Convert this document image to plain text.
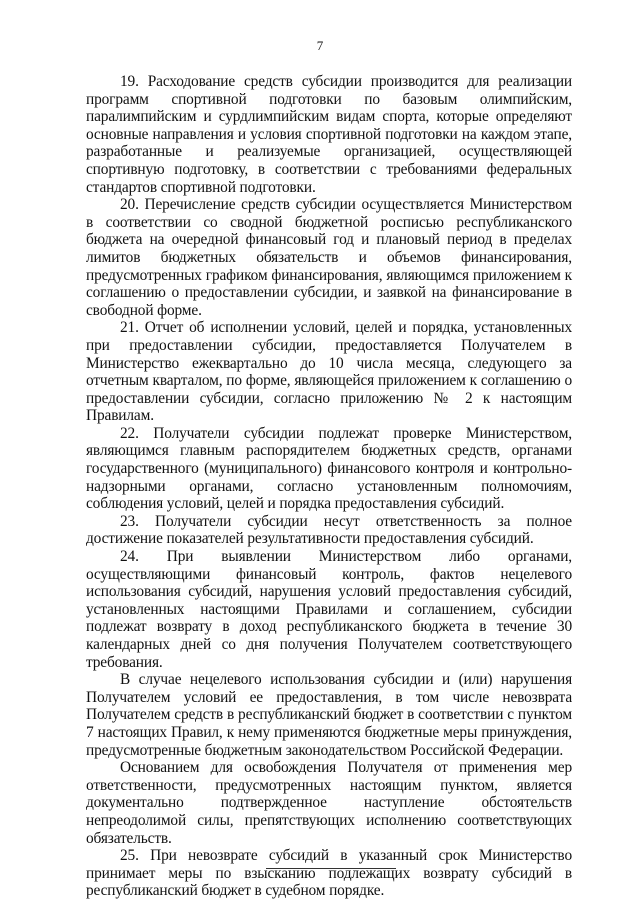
7

19. Расходование средств субсидии производится для реализации программ спортивной подготовки по базовым олимпийским, паралимпийским и сурдлимпийским видам спорта, которые определяют основные направления и условия спортивной подготовки на каждом этапе, разработанные и реализуемые организацией, осуществляющей спортивную подготовку, в соответствии с требованиями федеральных стандартов спортивной подготовки.

20. Перечисление средств субсидии осуществляется Министерством в соответствии со сводной бюджетной росписью республиканского бюджета на очередной финансовый год и плановый период в пределах лимитов бюджетных обязательств и объемов финансирования, предусмотренных графиком финансирования, являющимся приложением к соглашению о предоставлении субсидии, и заявкой на финансирование в свободной форме.

21. Отчет об исполнении условий, целей и порядка, установленных при предоставлении субсидии, предоставляется Получателем в Министерство ежеквартально до 10 числа месяца, следующего за отчетным кварталом, по форме, являющейся приложением к соглашению о предоставлении субсидии, согласно приложению № 2 к настоящим Правилам.

22. Получатели субсидии подлежат проверке Министерством, являющимся главным распорядителем бюджетных средств, органами государственного (муниципального) финансового контроля и контрольно-надзорными органами, согласно установленным полномочиям, соблюдения условий, целей и порядка предоставления субсидий.

23. Получатели субсидии несут ответственность за полное достижение показателей результативности предоставления субсидий.

24. При выявлении Министерством либо органами, осуществляющими финансовый контроль, фактов нецелевого использования субсидий, нарушения условий предоставления субсидий, установленных настоящими Правилами и соглашением, субсидии подлежат возврату в доход республиканского бюджета в течение 30 календарных дней со дня получения Получателем соответствующего требования.

В случае нецелевого использования субсидии и (или) нарушения Получателем условий ее предоставления, в том числе невозврата Получателем средств в республиканский бюджет в соответствии с пунктом 7 настоящих Правил, к нему применяются бюджетные меры принуждения, предусмотренные бюджетным законодательством Российской Федерации.

Основанием для освобождения Получателя от применения мер ответственности, предусмотренных настоящим пунктом, является документально подтвержденное наступление обстоятельств непреодолимой силы, препятствующих исполнению соответствующих обязательств.

25. При невозврате субсидий в указанный срок Министерство принимает меры по взысканию подлежащих возврату субсидий в республиканский бюджет в судебном порядке.
